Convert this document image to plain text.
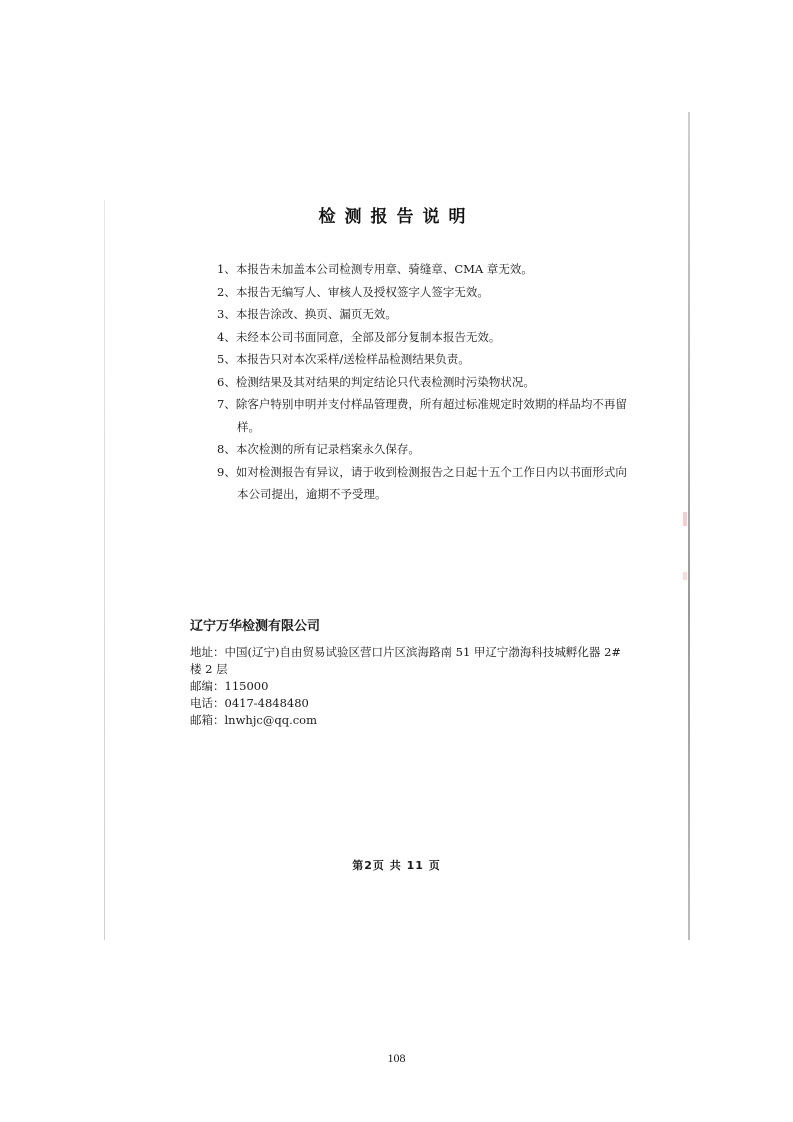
检测报告说明
1、本报告未加盖本公司检测专用章、骑缝章、CMA 章无效。
2、本报告无编写人、审核人及授权签字人签字无效。
3、本报告涂改、换页、漏页无效。
4、未经本公司书面同意，全部及部分复制本报告无效。
5、本报告只对本次采样/送检样品检测结果负责。
6、检测结果及其对结果的判定结论只代表检测时污染物状况。
7、除客户特别申明并支付样品管理费，所有超过标准规定时效期的样品均不再留样。
8、本次检测的所有记录档案永久保存。
9、如对检测报告有异议，请于收到检测报告之日起十五个工作日内以书面形式向本公司提出，逾期不予受理。
辽宁万华检测有限公司
地址：中国(辽宁)自由贸易试验区营口片区滨海路南 51 甲辽宁渤海科技城孵化器 2#楼 2 层
邮编：115000
电话：0417-4848480
邮箱：lnwhjc@qq.com
第2页 共 11 页
108
